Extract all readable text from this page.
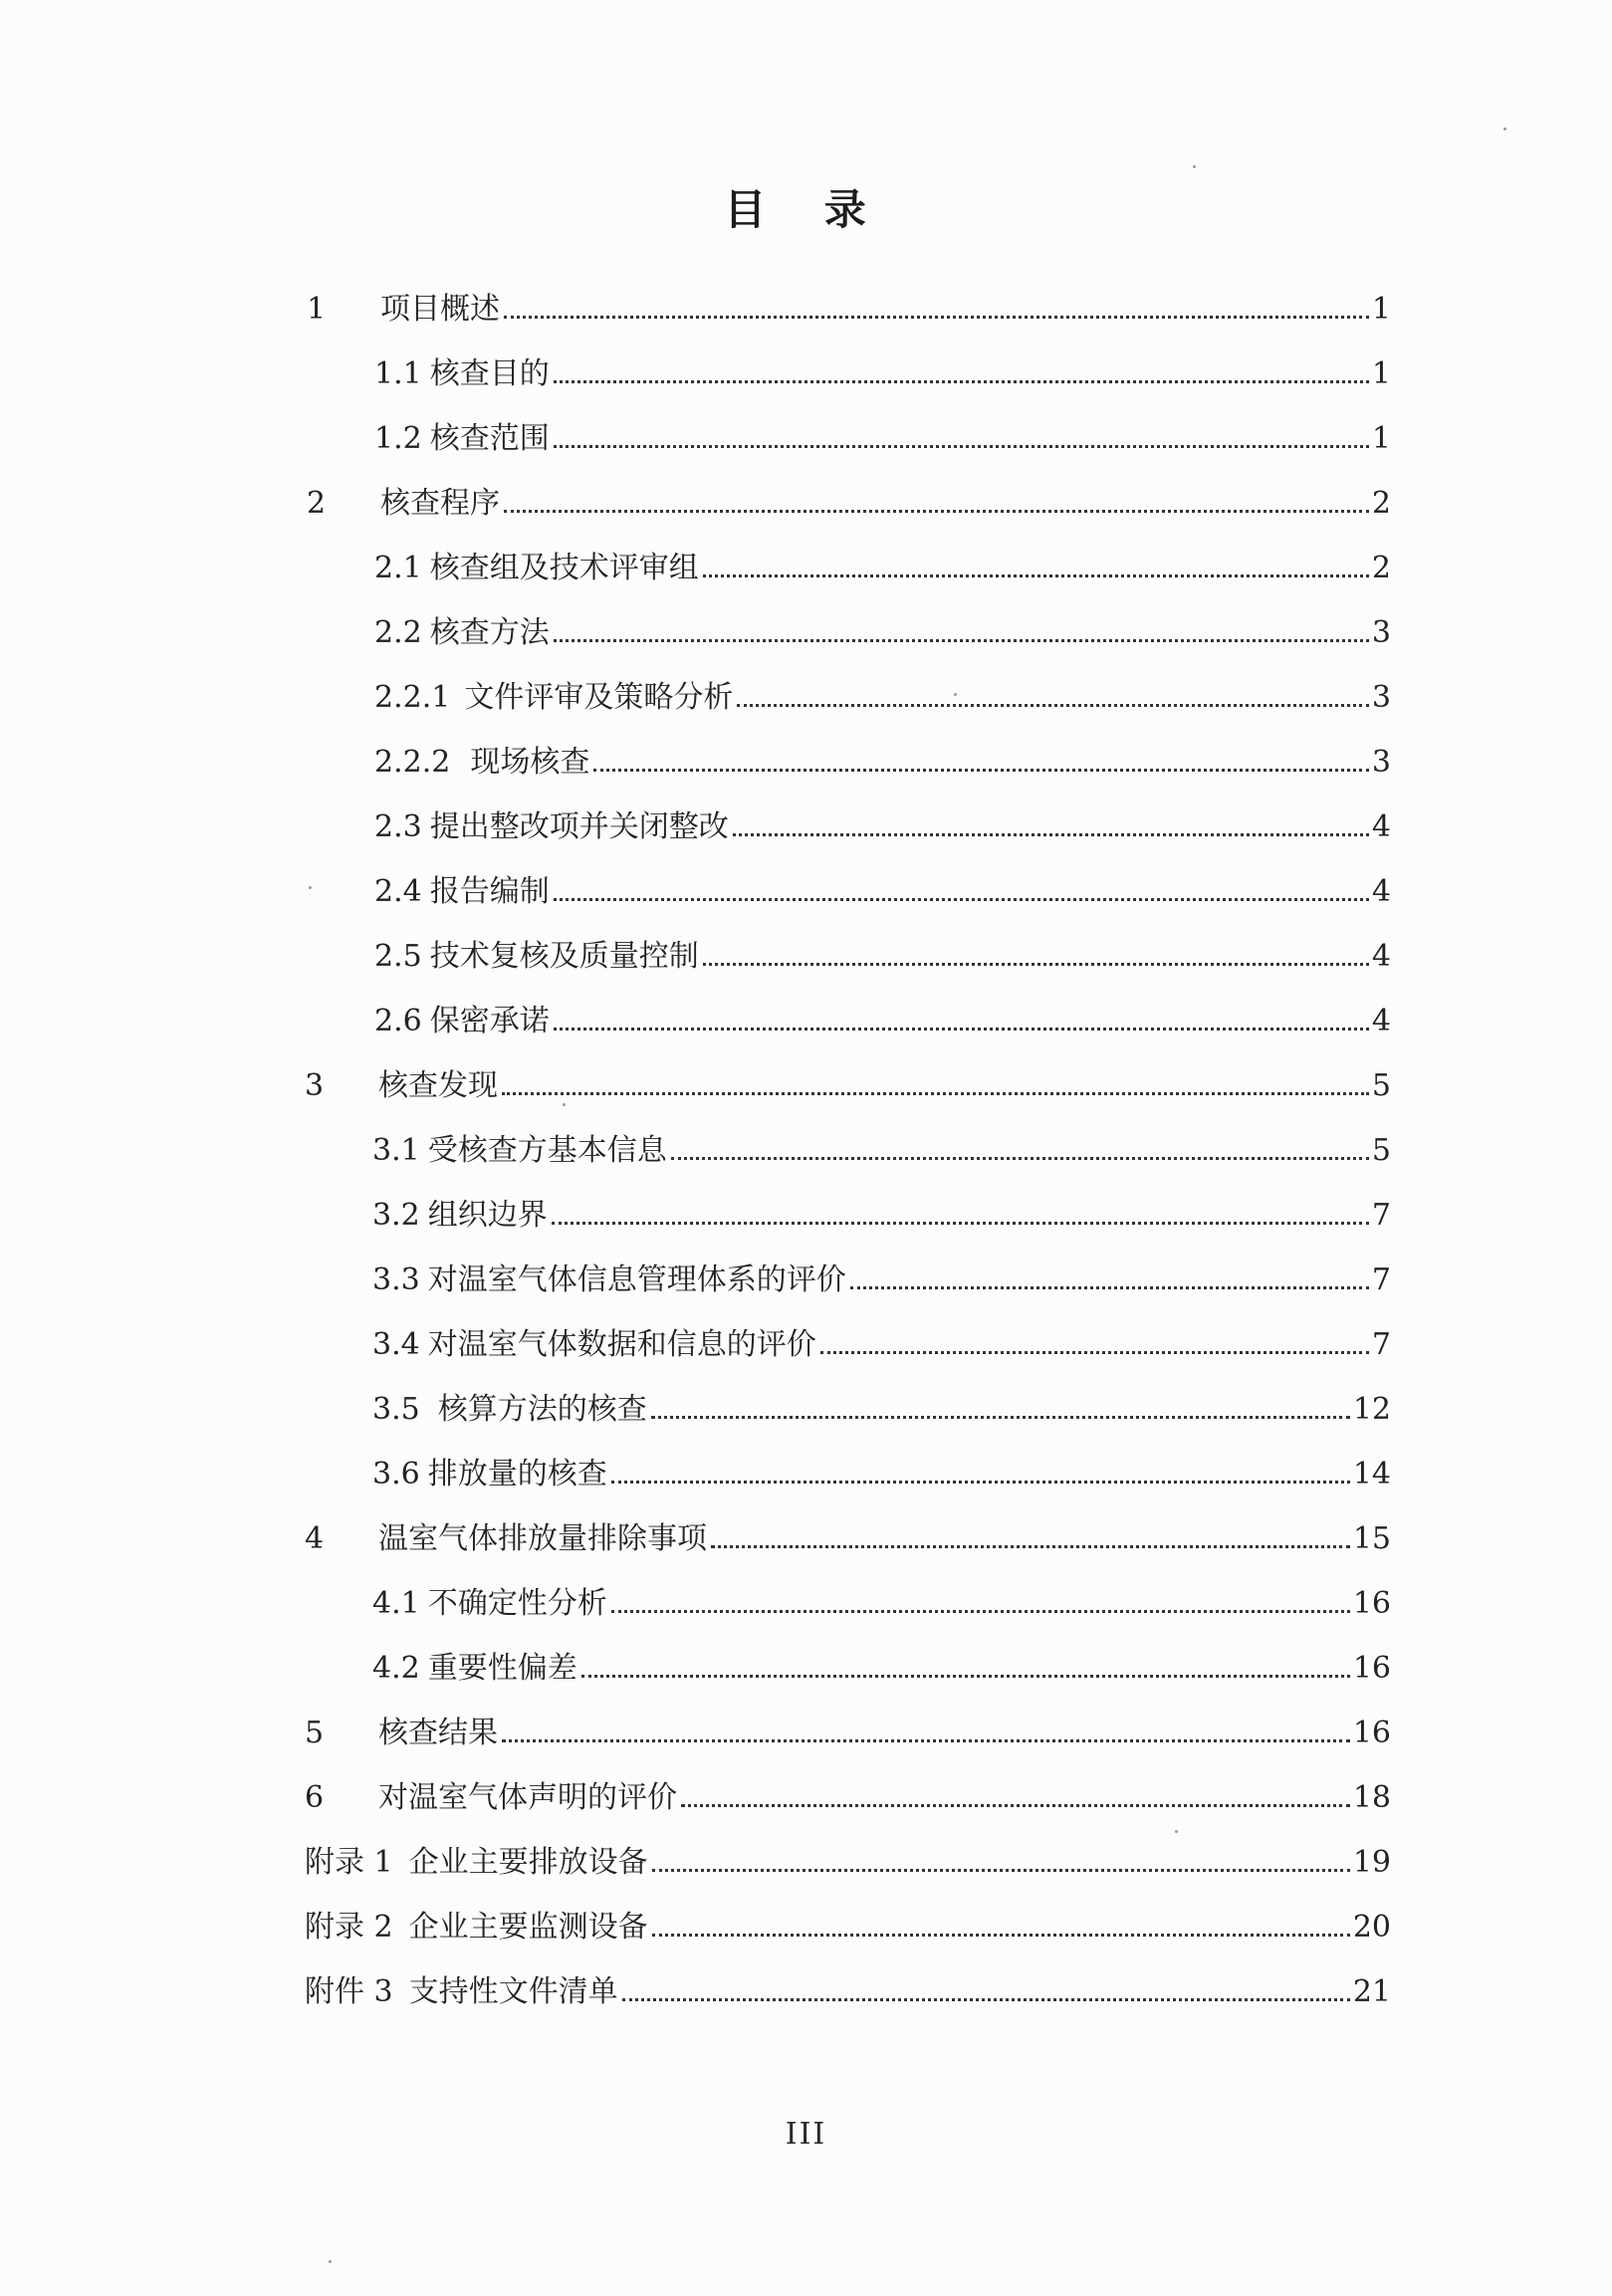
目 录
1	项目概述	1
1.1 核查目的	1
1.2 核查范围	1
2	核查程序	2
2.1 核查组及技术评审组	2
2.2 核查方法	3
2.2.1 文件评审及策略分析	3
2.2.2 现场核查	3
2.3 提出整改项并关闭整改	4
2.4 报告编制	4
2.5 技术复核及质量控制	4
2.6 保密承诺	4
3	核查发现	5
3.1 受核查方基本信息	5
3.2 组织边界	7
3.3 对温室气体信息管理体系的评价	7
3.4 对温室气体数据和信息的评价	7
3.5 核算方法的核查	12
3.6 排放量的核查	14
4	温室气体排放量排除事项	15
4.1 不确定性分析	16
4.2 重要性偏差	16
5	核查结果	16
6	对温室气体声明的评价	18
附录 1 企业主要排放设备	19
附录 2 企业主要监测设备	20
附件 3 支持性文件清单	21
III
